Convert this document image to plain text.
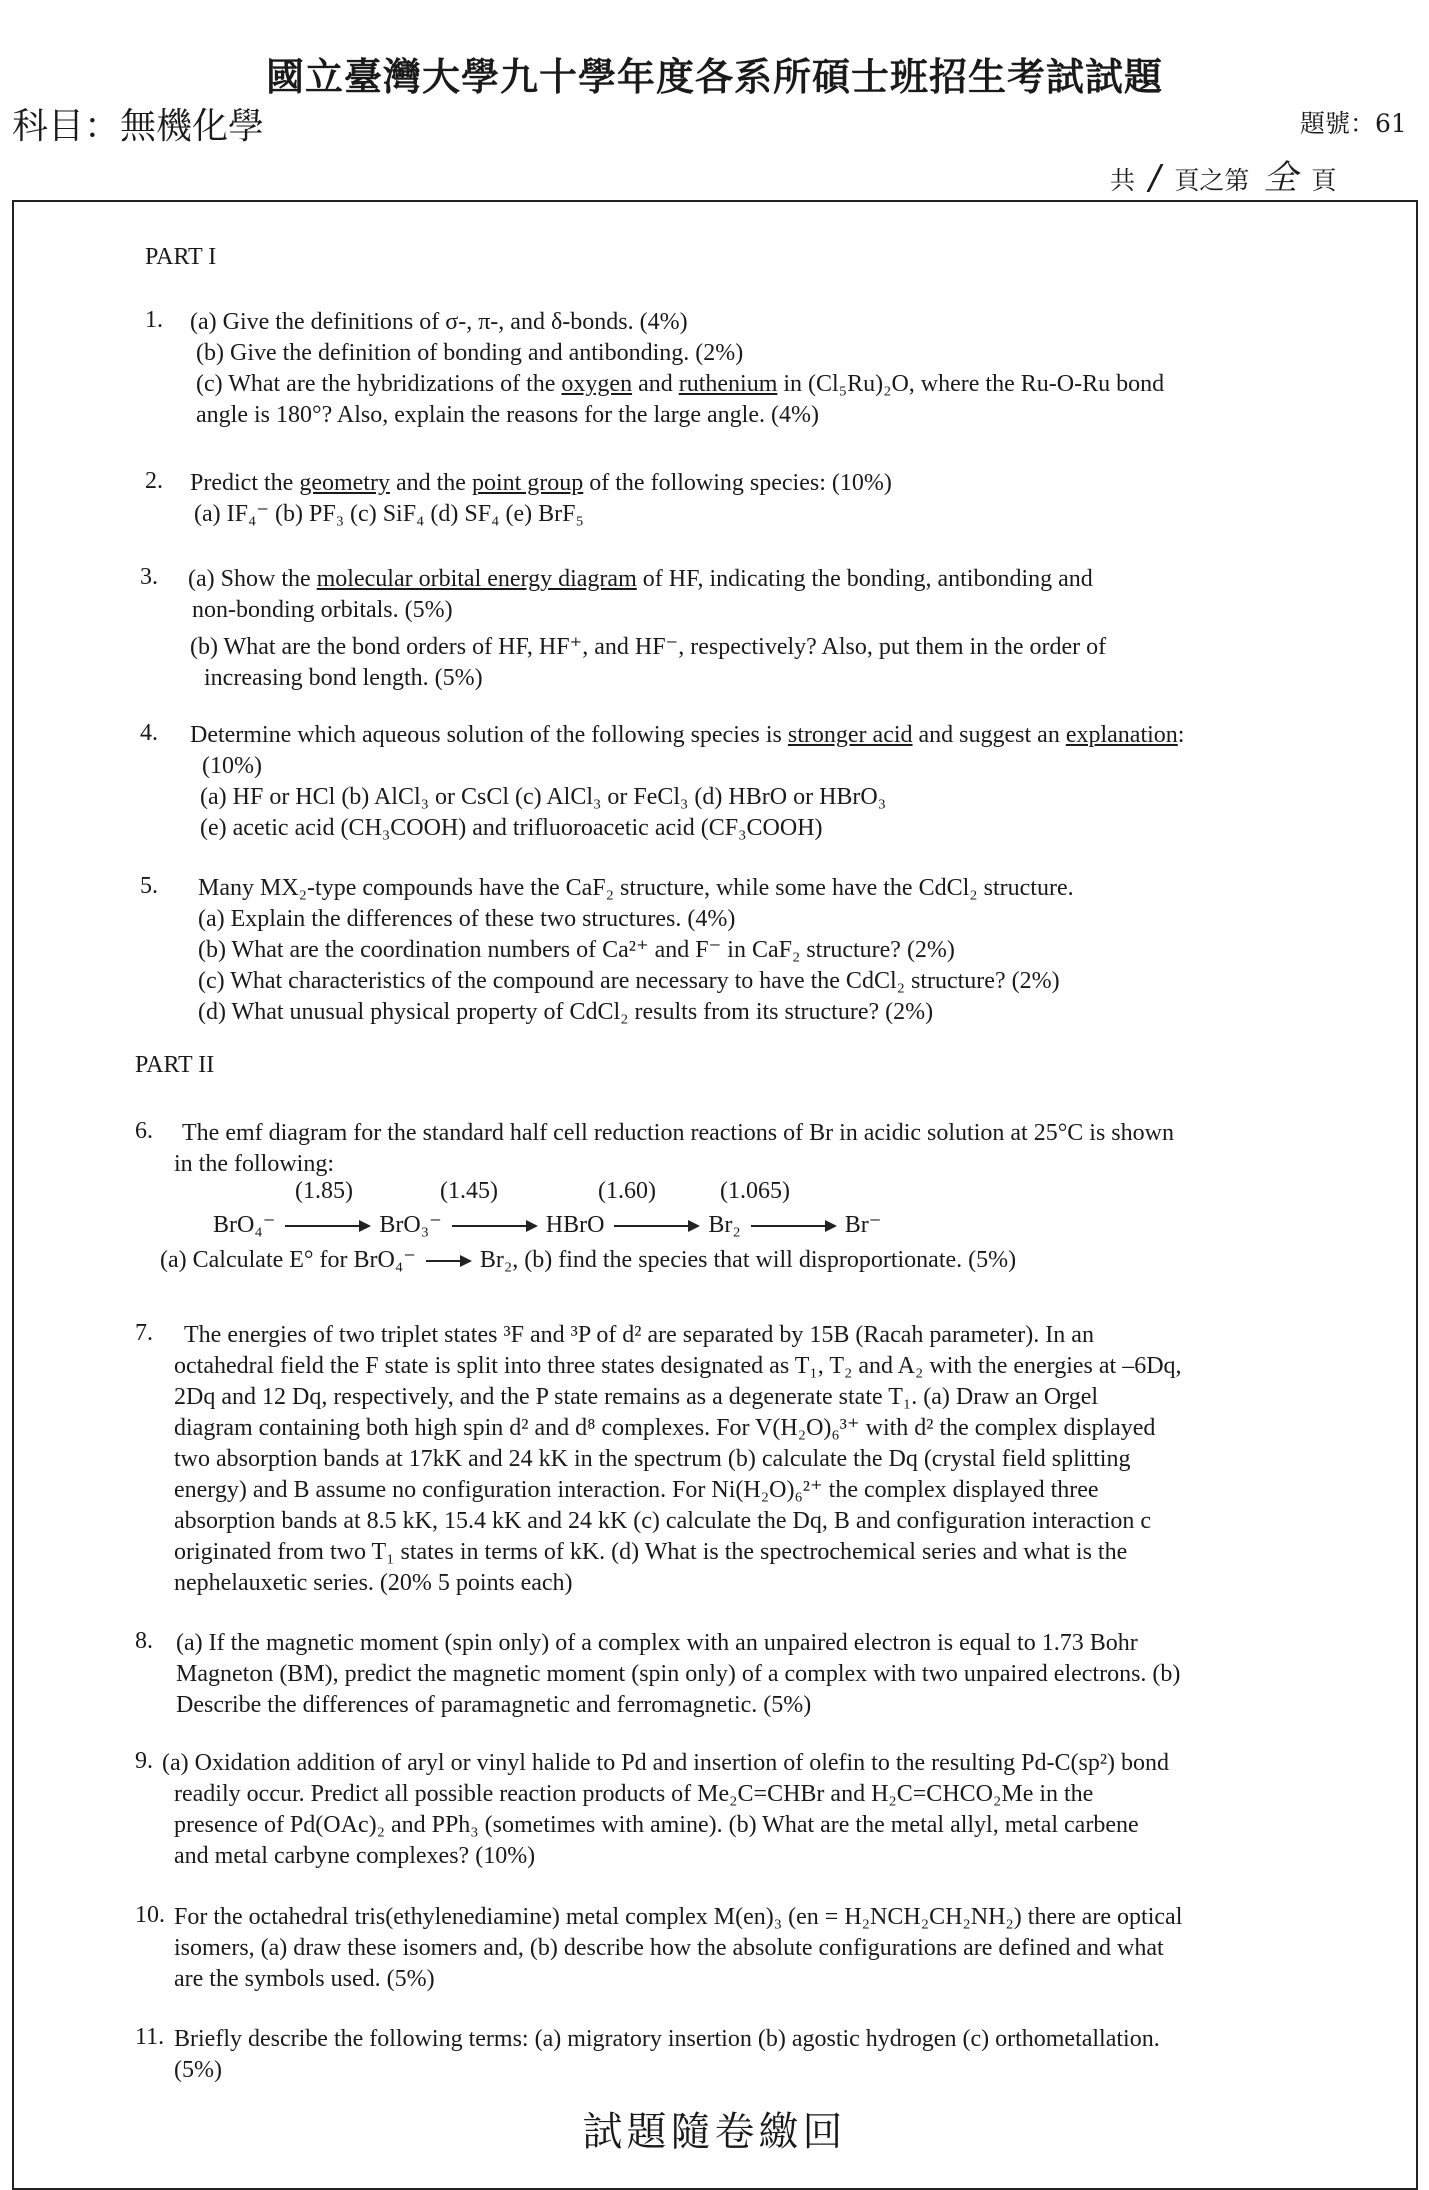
國立臺灣大學九十學年度各系所碩士班招生考試試題
科目：無機化學	題號：61
共 / 頁之第 全 頁
PART I
1. (a) Give the definitions of σ-, π-, and δ-bonds. (4%)
(b) Give the definition of bonding and antibonding. (2%)
(c) What are the hybridizations of the oxygen and ruthenium in (Cl₅Ru)₂O, where the Ru-O-Ru bond
angle is 180°? Also, explain the reasons for the large angle. (4%)
2. Predict the geometry and the point group of the following species: (10%)
(a) IF₄⁻ (b) PF₃ (c) SiF₄ (d) SF₄ (e) BrF₅
3. (a) Show the molecular orbital energy diagram of HF, indicating the bonding, antibonding and
non-bonding orbitals. (5%)
(b) What are the bond orders of HF, HF⁺, and HF⁻, respectively? Also, put them in the order of
increasing bond length. (5%)
4. Determine which aqueous solution of the following species is stronger acid and suggest an explanation:
(10%)
(a) HF or HCl (b) AlCl₃ or CsCl (c) AlCl₃ or FeCl₃ (d) HBrO or HBrO₃
(e) acetic acid (CH₃COOH) and trifluoroacetic acid (CF₃COOH)
5. Many MX₂-type compounds have the CaF₂ structure, while some have the CdCl₂ structure.
(a) Explain the differences of these two structures. (4%)
(b) What are the coordination numbers of Ca²⁺ and F⁻ in CaF₂ structure? (2%)
(c) What characteristics of the compound are necessary to have the CdCl₂ structure? (2%)
(d) What unusual physical property of CdCl₂ results from its structure? (2%)
PART II
6. The emf diagram for the standard half cell reduction reactions of Br in acidic solution at 25°C is shown
in the following:
(1.85)	(1.45)	(1.60)	(1.065)
BrO₄⁻	BrO₃⁻	HBrO	Br₂	Br⁻
(a) Calculate E° for BrO₄⁻	Br₂, (b) find the species that will disproportionate. (5%)
7. The energies of two triplet states ³F and ³P of d² are separated by 15B (Racah parameter). In an
octahedral field the F state is split into three states designated as T₁, T₂ and A₂ with the energies at –6Dq,
2Dq and 12 Dq, respectively, and the P state remains as a degenerate state T₁. (a) Draw an Orgel
diagram containing both high spin d² and d⁸ complexes. For V(H₂O)₆³⁺ with d² the complex displayed
two absorption bands at 17kK and 24 kK in the spectrum (b) calculate the Dq (crystal field splitting
energy) and B assume no configuration interaction. For Ni(H₂O)₆²⁺ the complex displayed three
absorption bands at 8.5 kK, 15.4 kK and 24 kK (c) calculate the Dq, B and configuration interaction c
originated from two T₁ states in terms of kK. (d) What is the spectrochemical series and what is the
nephelauxetic series. (20% 5 points each)
8. (a) If the magnetic moment (spin only) of a complex with an unpaired electron is equal to 1.73 Bohr
Magneton (BM), predict the magnetic moment (spin only) of a complex with two unpaired electrons. (b)
Describe the differences of paramagnetic and ferromagnetic. (5%)
9. (a) Oxidation addition of aryl or vinyl halide to Pd and insertion of olefin to the resulting Pd-C(sp²) bond
readily occur. Predict all possible reaction products of Me₂C=CHBr and H₂C=CHCO₂Me in the
presence of Pd(OAc)₂ and PPh₃ (sometimes with amine). (b) What are the metal allyl, metal carbene
and metal carbyne complexes? (10%)
10. For the octahedral tris(ethylenediamine) metal complex M(en)₃ (en = H₂NCH₂CH₂NH₂) there are optical
isomers, (a) draw these isomers and, (b) describe how the absolute configurations are defined and what
are the symbols used. (5%)
11. Briefly describe the following terms: (a) migratory insertion (b) agostic hydrogen (c) orthometallation.
(5%)
試題隨卷繳回
